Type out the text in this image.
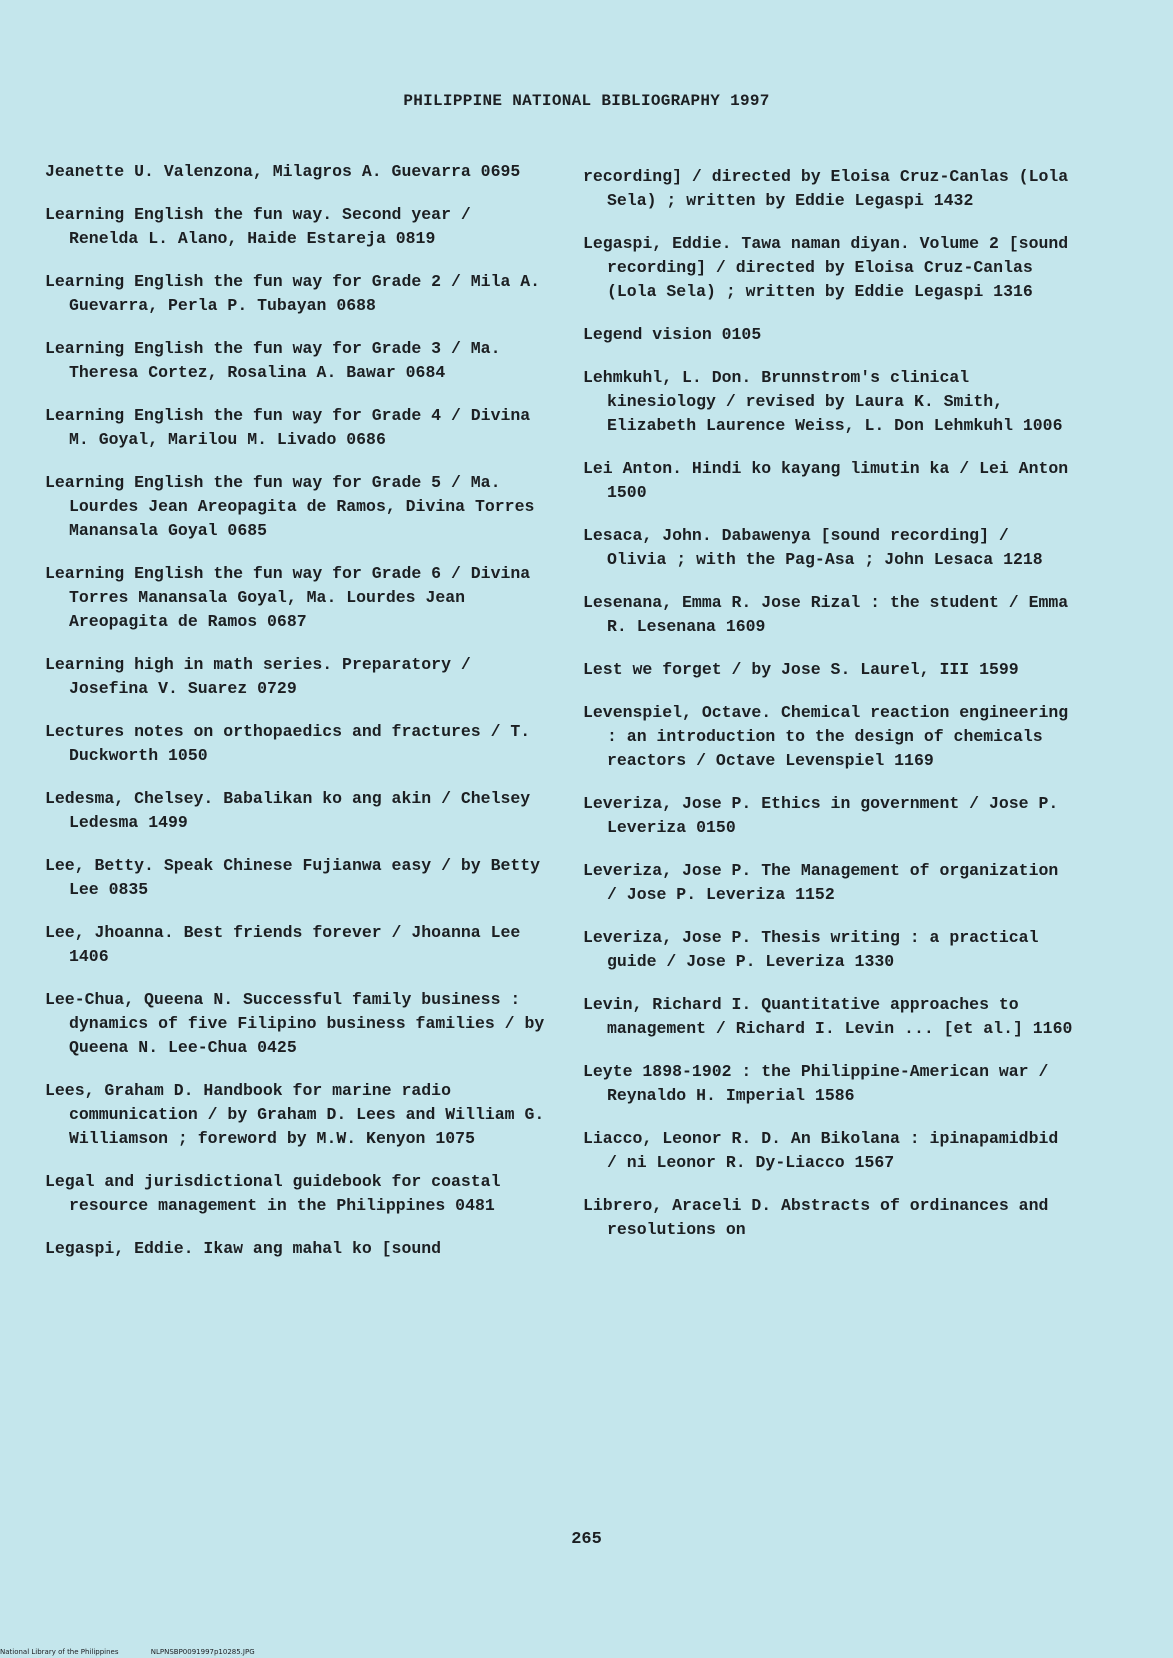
PHILIPPINE NATIONAL BIBLIOGRAPHY 1997

Jeanette U. Valenzona, Milagros A. Guevarra 0695

Learning English the fun way. Second year / Renelda L. Alano, Haide Estareja 0819

Learning English the fun way for Grade 2 / Mila A. Guevarra, Perla P. Tubayan 0688

Learning English the fun way for Grade 3 / Ma. Theresa Cortez, Rosalina A. Bawar 0684

Learning English the fun way for Grade 4 / Divina M. Goyal, Marilou M. Livado 0686

Learning English the fun way for Grade 5 / Ma. Lourdes Jean Areopagita de Ramos, Divina Torres Manansala Goyal 0685

Learning English the fun way for Grade 6 / Divina Torres Manansala Goyal, Ma. Lourdes Jean Areopagita de Ramos 0687

Learning high in math series. Preparatory / Josefina V. Suarez 0729

Lectures notes on orthopaedics and fractures / T. Duckworth 1050

Ledesma, Chelsey. Babalikan ko ang akin / Chelsey Ledesma 1499

Lee, Betty. Speak Chinese Fujianwa easy / by Betty Lee 0835

Lee, Jhoanna. Best friends forever / Jhoanna Lee 1406

Lee-Chua, Queena N. Successful family business : dynamics of five Filipino business families / by Queena N. Lee-Chua 0425

Lees, Graham D. Handbook for marine radio communication / by Graham D. Lees and William G. Williamson ; foreword by M.W. Kenyon 1075

Legal and jurisdictional guidebook for coastal resource management in the Philippines 0481

Legaspi, Eddie. Ikaw ang mahal ko [sound

recording] / directed by Eloisa Cruz-Canlas (Lola Sela) ; written by Eddie Legaspi 1432

Legaspi, Eddie. Tawa naman diyan. Volume 2 [sound recording] / directed by Eloisa Cruz-Canlas (Lola Sela) ; written by Eddie Legaspi 1316

Legend vision 0105

Lehmkuhl, L. Don. Brunnstrom's clinical kinesiology / revised by Laura K. Smith, Elizabeth Laurence Weiss, L. Don Lehmkuhl 1006

Lei Anton. Hindi ko kayang limutin ka / Lei Anton 1500

Lesaca, John. Dabawenya [sound recording] / Olivia ; with the Pag-Asa ; John Lesaca 1218

Lesenana, Emma R. Jose Rizal : the student / Emma R. Lesenana 1609

Lest we forget / by Jose S. Laurel, III 1599

Levenspiel, Octave. Chemical reaction engineering : an introduction to the design of chemicals reactors / Octave Levenspiel 1169

Leveriza, Jose P. Ethics in government / Jose P. Leveriza 0150

Leveriza, Jose P. The Management of organization / Jose P. Leveriza 1152

Leveriza, Jose P. Thesis writing : a practical guide / Jose P. Leveriza 1330

Levin, Richard I. Quantitative approaches to management / Richard I. Levin ... [et al.] 1160

Leyte 1898-1902 : the Philippine-American war / Reynaldo H. Imperial 1586

Liacco, Leonor R. D. An Bikolana : ipinapamidbid / ni Leonor R. Dy-Liacco 1567

Librero, Araceli D. Abstracts of ordinances and resolutions on

265
National Library of the Philippines	NLPNSBP0091997p10285.JPG
